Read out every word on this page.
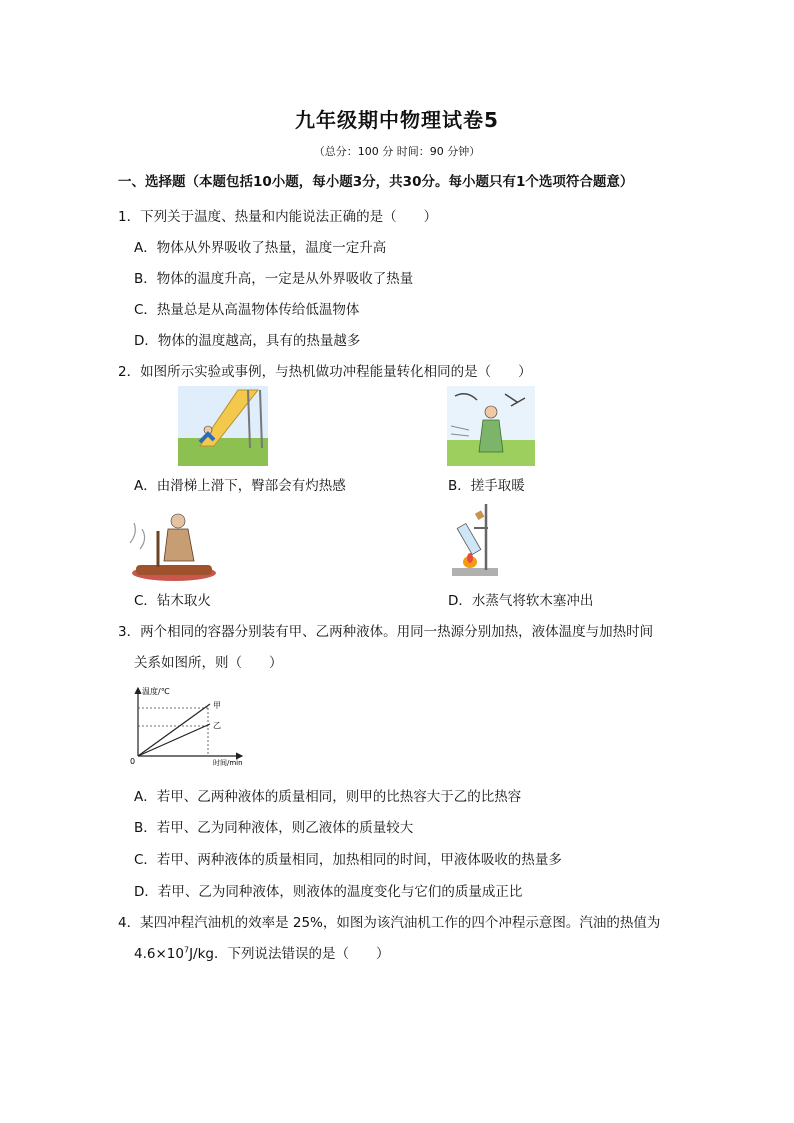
九年级期中物理试卷5
（总分：100 分 时间：90 分钟）
一、选择题（本题包括10小题，每小题3分，共30分。每小题只有1个选项符合题意）
1．下列关于温度、热量和内能说法正确的是（　　）
A．物体从外界吸收了热量，温度一定升高
B．物体的温度升高，一定是从外界吸收了热量
C．热量总是从高温物体传给低温物体
D．物体的温度越高，具有的热量越多
2．如图所示实验或事例，与热机做功冲程能量转化相同的是（　　）
A．由滑梯上滑下，臀部会有灼热感	B．搓手取暖
C．钻木取火	D．水蒸气将软木塞冲出
3．两个相同的容器分别装有甲、乙两种液体。用同一热源分别加热，液体温度与加热时间
关系如图所，则（　　）
温度/℃
时间/min
0
甲
乙
A．若甲、乙两种液体的质量相同，则甲的比热容大于乙的比热容
B．若甲、乙为同种液体，则乙液体的质量较大
C．若甲、两种液体的质量相同，加热相同的时间，甲液体吸收的热量多
D．若甲、乙为同种液体，则液体的温度变化与它们的质量成正比
4．某四冲程汽油机的效率是 25%，如图为该汽油机工作的四个冲程示意图。汽油的热值为
$4.6\times 10^7J/kg$．下列说法错误的是（　　）
